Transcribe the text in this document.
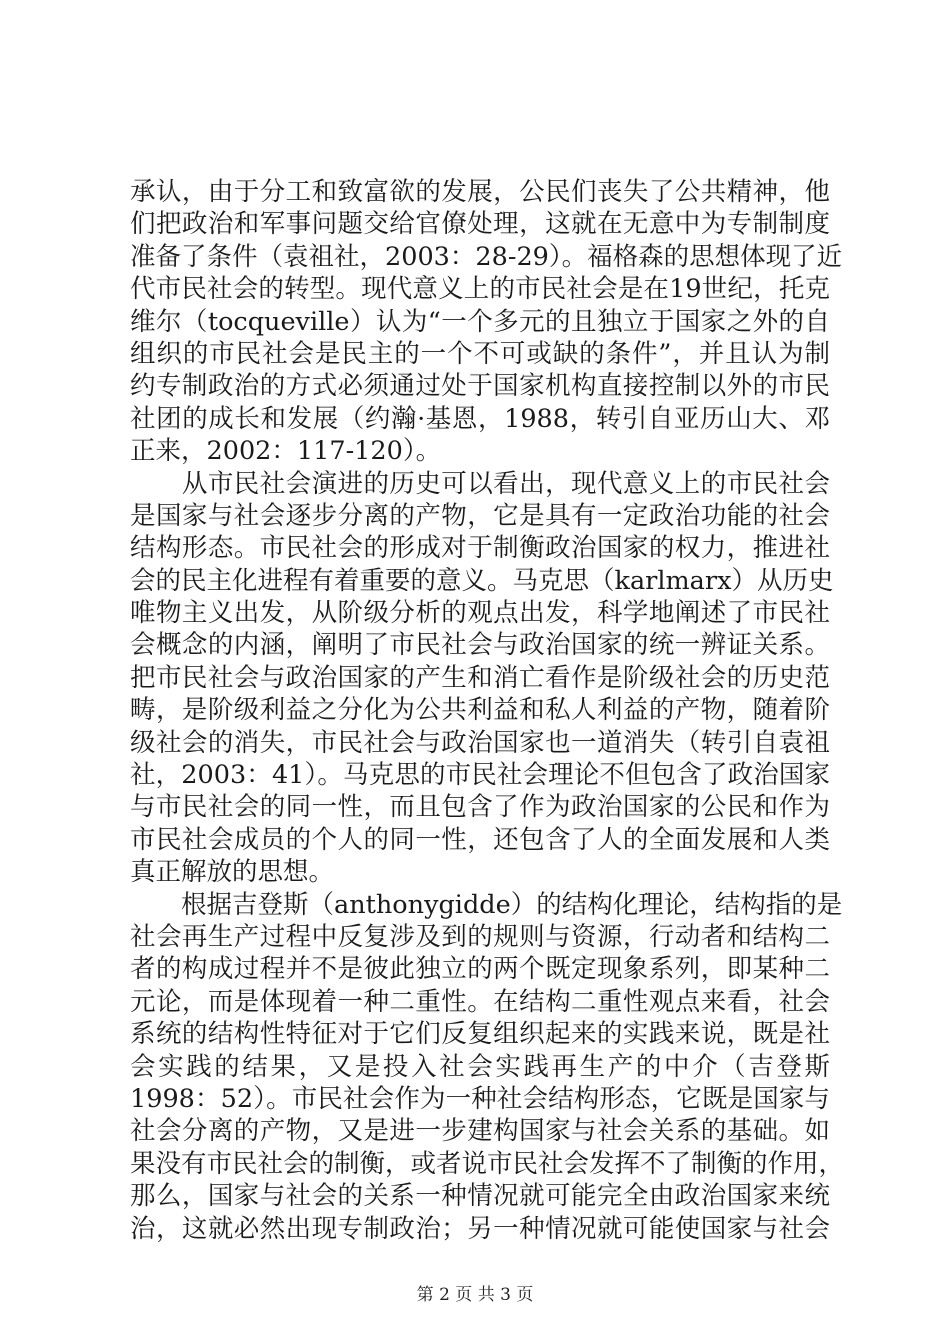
承认，由于分工和致富欲的发展，公民们丧失了公共精神，他
们把政治和军事问题交给官僚处理，这就在无意中为专制制度
准备了条件（袁祖社，2003：28-29）。福格森的思想体现了近
代市民社会的转型。现代意义上的市民社会是在19世纪，托克
维尔（tocqueville）认为“一个多元的且独立于国家之外的自
组织的市民社会是民主的一个不可或缺的条件”，并且认为制
约专制政治的方式必须通过处于国家机构直接控制以外的市民
社团的成长和发展（约瀚·基恩，1988，转引自亚历山大、邓
正来，2002：117-120）。
　　从市民社会演进的历史可以看出，现代意义上的市民社会
是国家与社会逐步分离的产物，它是具有一定政治功能的社会
结构形态。市民社会的形成对于制衡政治国家的权力，推进社
会的民主化进程有着重要的意义。马克思（karlmarx）从历史
唯物主义出发，从阶级分析的观点出发，科学地阐述了市民社
会概念的内涵，阐明了市民社会与政治国家的统一辨证关系。
把市民社会与政治国家的产生和消亡看作是阶级社会的历史范
畴，是阶级利益之分化为公共利益和私人利益的产物，随着阶
级社会的消失，市民社会与政治国家也一道消失（转引自袁祖
社，2003：41）。马克思的市民社会理论不但包含了政治国家
与市民社会的同一性，而且包含了作为政治国家的公民和作为
市民社会成员的个人的同一性，还包含了人的全面发展和人类
真正解放的思想。
　　根据吉登斯（anthonygidde）的结构化理论，结构指的是
社会再生产过程中反复涉及到的规则与资源，行动者和结构二
者的构成过程并不是彼此独立的两个既定现象系列，即某种二
元论，而是体现着一种二重性。在结构二重性观点来看，社会
系统的结构性特征对于它们反复组织起来的实践来说，既是社
会实践的结果，又是投入社会实践再生产的中介（吉登斯
1998：52）。市民社会作为一种社会结构形态，它既是国家与
社会分离的产物，又是进一步建构国家与社会关系的基础。如
果没有市民社会的制衡，或者说市民社会发挥不了制衡的作用，
那么，国家与社会的关系一种情况就可能完全由政治国家来统
治，这就必然出现专制政治；另一种情况就可能使国家与社会
第 2 页 共 3 页
